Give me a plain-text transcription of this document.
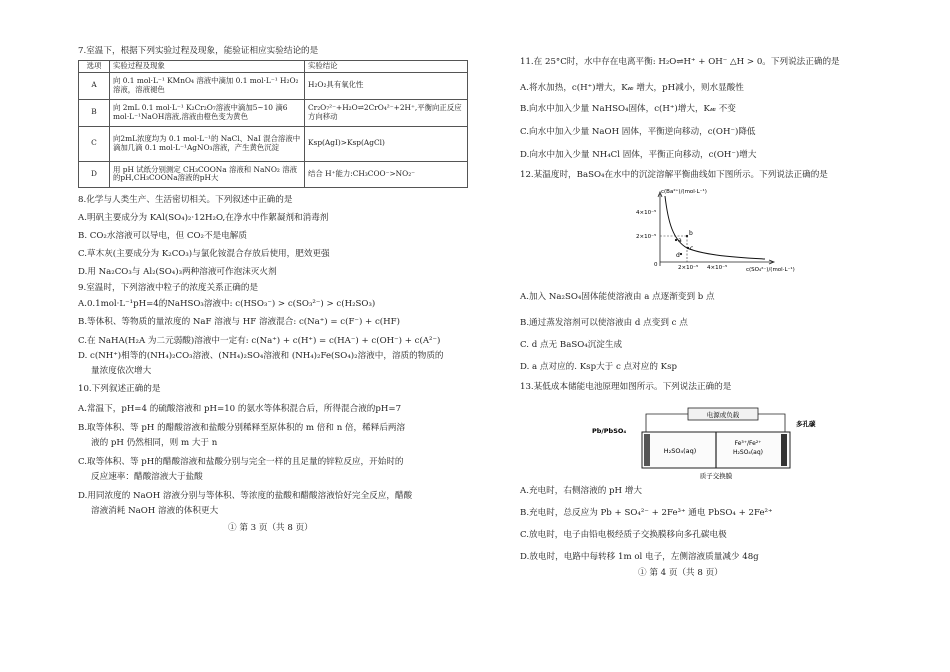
7.室温下，根据下列实验过程及现象，能验证相应实验结论的是
选项	实验过程及现象	实验结论
A	向 0.1 mol·L⁻¹ KMnO₄ 溶液中滴加 0.1 mol·L⁻¹ H₂O₂ 溶液，溶液褪色	H₂O₂具有氧化性
B	向 2mL 0.1 mol·L⁻¹ K₂Cr₂O₇溶液中滴加5~10 滴6 mol·L⁻¹NaOH溶液,溶液由橙色变为黄色	Cr₂O₇²⁻+H₂O⇌2CrO₄²⁻+2H⁺,平衡向正反应方向移动
C	向2mL浓度均为 0.1 mol·L⁻¹的 NaCl、NaI 混合溶液中滴加几滴 0.1 mol·L⁻¹AgNO₃溶液，产生黄色沉淀	Ksp(AgI)>Ksp(AgCl)
D	用 pH 试纸分别测定 CH₃COONa 溶液和 NaNO₂ 溶液的pH,CH₃COONa溶液的pH大	结合 H⁺能力:CH₃COO⁻>NO₂⁻
8.化学与人类生产、生活密切相关。下列叙述中正确的是
A.明矾主要成分为 KAl(SO₄)₂·12H₂O,在净水中作絮凝剂和消毒剂
B. CO₂水溶液可以导电，但 CO₂不是电解质
C.草木灰(主要成分为 K₂CO₃)与氯化铵混合存放后使用，肥效更强
D.用 Na₂CO₃与 Al₂(SO₄)₃两种溶液可作泡沫灭火剂
9.室温时，下列溶液中粒子的浓度关系正确的是
A.0.1mol·L⁻¹pH=4的NaHSO₃溶液中: c(HSO₃⁻) > c(SO₃²⁻) > c(H₂SO₃)
B.等体积、等物质的量浓度的 NaF 溶液与 HF 溶液混合: c(Na⁺) = c(F⁻) + c(HF)
C.在 NaHA(H₂A 为二元弱酸)溶液中一定有: c(Na⁺) + c(H⁺) = c(HA⁻) + c(OH⁻) + c(A²⁻)
D. c(NH⁺)相等的(NH₄)₂CO₃溶液、(NH₄)₂SO₄溶液和 (NH₄)₂Fe(SO₄)₂溶液中，溶质的物质的
量浓度依次增大
10.下列叙述正确的是
A.常温下，pH=4 的硫酸溶液和 pH=10 的氨水等体积混合后，所得混合液的pH=7
B.取等体积、等 pH 的醋酸溶液和盐酸分别稀释至原体积的 m 倍和 n 倍，稀释后两溶
液的 pH 仍然相同，则 m 大于 n
C.取等体积、等 pH的醋酸溶液和盐酸分别与完全一样的且足量的锌粒反应，开始时的
反应速率：醋酸溶液大于盐酸
D.用同浓度的 NaOH 溶液分别与等体积、等浓度的盐酸和醋酸溶液恰好完全反应，醋酸
溶液消耗 NaOH 溶液的体积更大
① 第 3 页（共 8 页）
11.在 25°C时，水中存在电离平衡: H₂O⇌H⁺ + OH⁻ △H > 0。下列说法正确的是
A.将水加热，c(H⁺)增大，K𝓌 增大，pH减小，则水显酸性
B.向水中加入少量 NaHSO₄固体，c(H⁺)增大，K𝓌 不变
C.向水中加入少量 NaOH 固体，平衡逆向移动，c(OH⁻)降低
D.向水中加入少量 NH₄Cl 固体，平衡正向移动，c(OH⁻)增大
12.某温度时，BaSO₄在水中的沉淀溶解平衡曲线如下图所示。下列说法正确的是
c(Ba²⁺)/(mol·L⁻¹)
c(SO₄²⁻)/(mol·L⁻¹)
4×10⁻⁵
2×10⁻⁵
0	2×10⁻⁵ 4×10⁻⁵
a
b
c
d
A.加入 Na₂SO₄固体能使溶液由 a 点逐渐变到 b 点
B.通过蒸发溶剂可以使溶液由 d 点变到 c 点
C. d 点无 BaSO₄沉淀生成
D. a 点对应的. Ksp大于 c 点对应的 Ksp
13.某低成本储能电池原理如图所示。下列说法正确的是
电源或负载
Pb/PbSO₄
多孔碳
H₂SO₄(aq)
Fe³⁺/Fe²⁺
H₂SO₄(aq)
质子交换膜
A.充电时，右侧溶液的 pH 增大
B.充电时，总反应为 Pb + SO₄²⁻ + 2Fe³⁺ 通电 PbSO₄ + 2Fe²⁺
C.放电时，电子由铅电极经质子交换膜移向多孔碳电极
D.放电时，电路中每转移 1m ol 电子，左侧溶液质量减少 48g
① 第 4 页（共 8 页）
